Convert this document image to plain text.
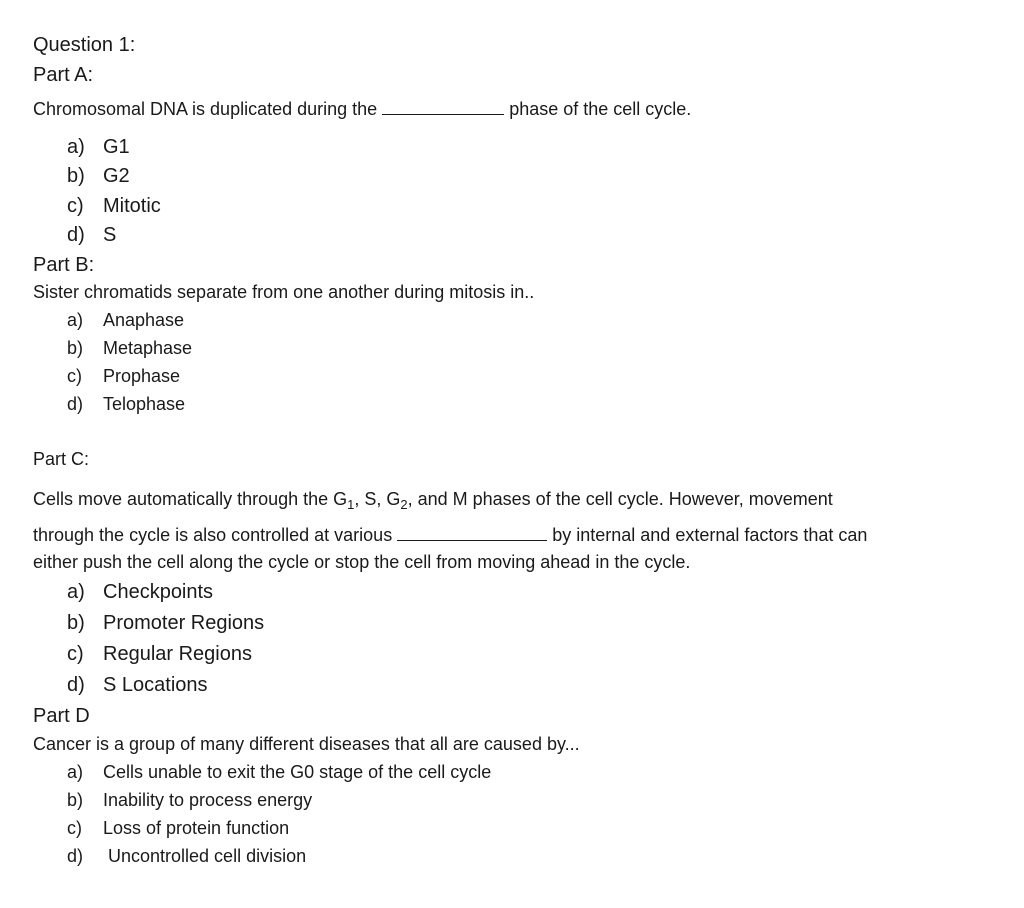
Question 1:
Part A:
Chromosomal DNA is duplicated during the	phase of the cell cycle.
a) G1
b) G2
c) Mitotic
d) S
Part B:
Sister chromatids separate from one another during mitosis in..
a) Anaphase
b) Metaphase
c) Prophase
d) Telophase
Part C:
Cells move automatically through the $G_1$, S, $G_2$, and M phases of the cell cycle. However, movement
through the cycle is also controlled at various	by internal and external factors that can
either push the cell along the cycle or stop the cell from moving ahead in the cycle.
a) Checkpoints
b) Promoter Regions
c) Regular Regions
d) S Locations
Part D
Cancer is a group of many different diseases that all are caused by...
a) Cells unable to exit the G0 stage of the cell cycle
b) Inability to process energy
c) Loss of protein function
d) Uncontrolled cell division
